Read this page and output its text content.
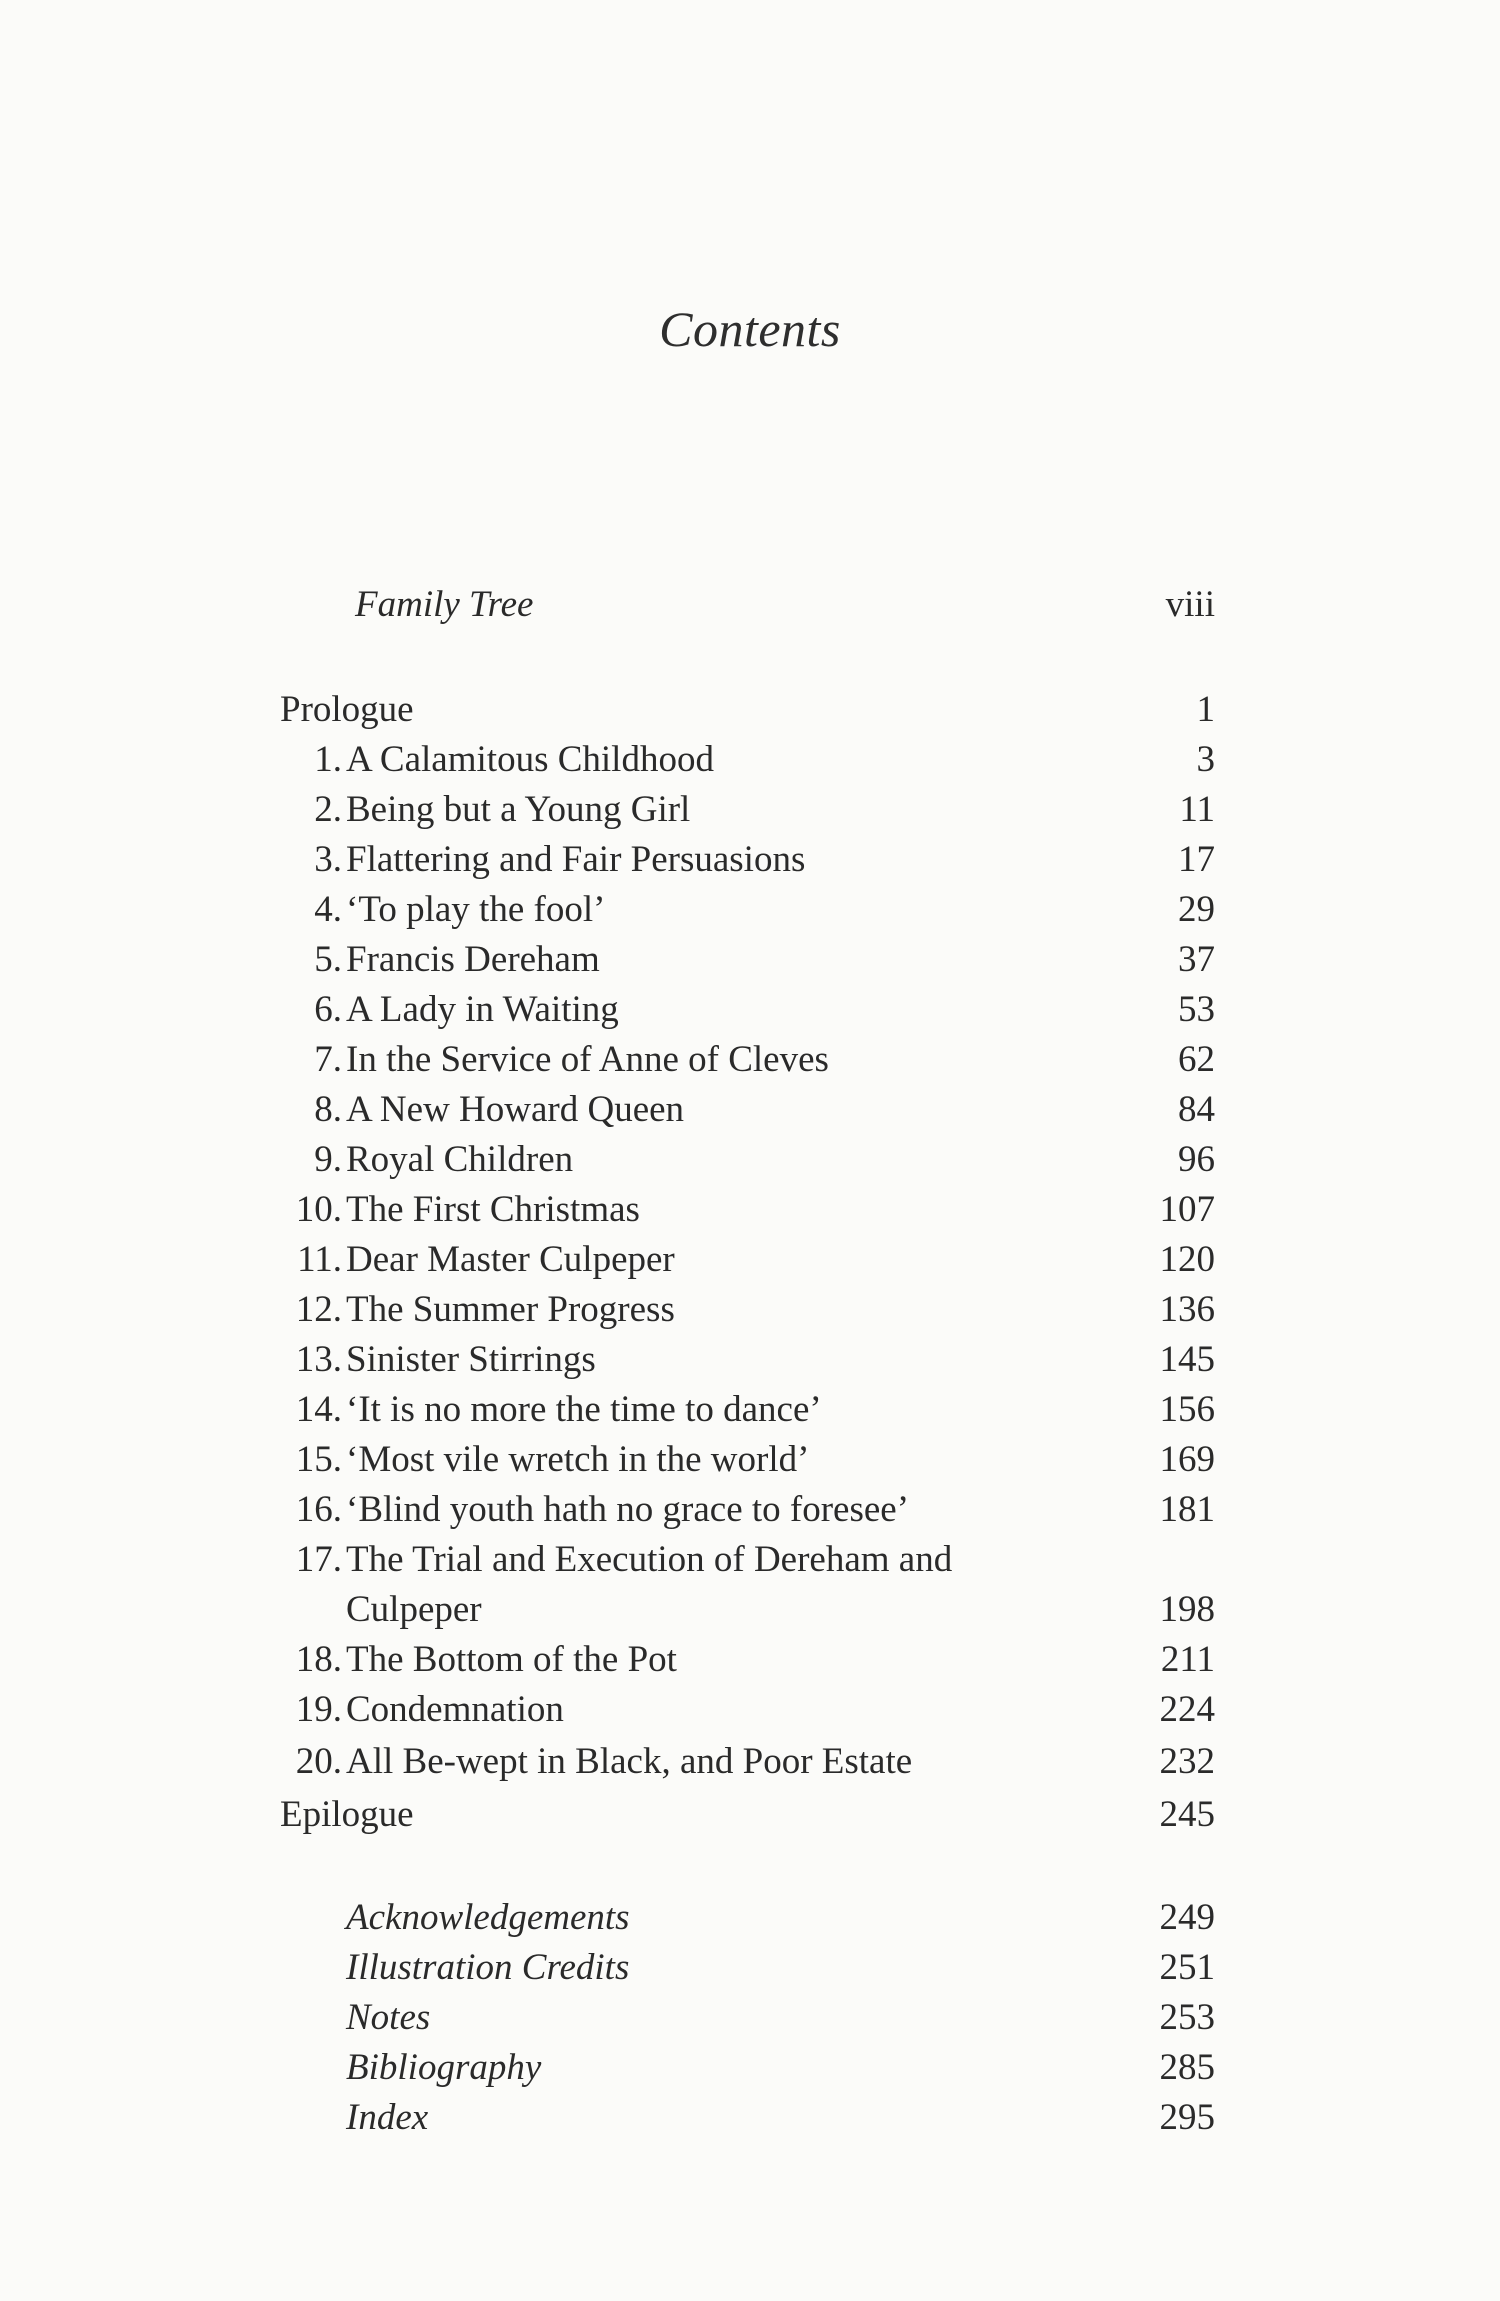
Contents
Family Tree	viii
Prologue	1
1. A Calamitous Childhood	3
2. Being but a Young Girl	11
3. Flattering and Fair Persuasions	17
4. ‘To play the fool’	29
5. Francis Dereham	37
6. A Lady in Waiting	53
7. In the Service of Anne of Cleves	62
8. A New Howard Queen	84
9. Royal Children	96
10. The First Christmas	107
11. Dear Master Culpeper	120
12. The Summer Progress	136
13. Sinister Stirrings	145
14. ‘It is no more the time to dance’	156
15. ‘Most vile wretch in the world’	169
16. ‘Blind youth hath no grace to foresee’	181
17. The Trial and Execution of Dereham and
Culpeper	198
18. The Bottom of the Pot	211
19. Condemnation	224
20. All Be-wept in Black, and Poor Estate	232
Epilogue	245
Acknowledgements	249
Illustration Credits	251
Notes	253
Bibliography	285
Index	295
